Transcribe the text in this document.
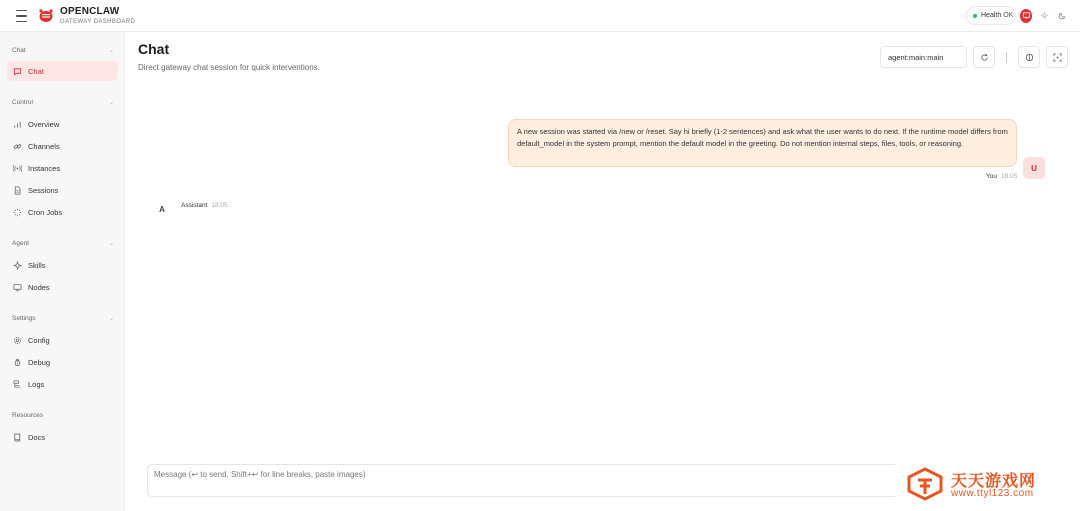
OPENCLAW
GATEWAY DASHBOARD
Health OK
Chat	⌄
Chat
Control	⌄
Overview
Channels
Instances
Sessions
Cron Jobs
Agent	⌄
Skills
Nodes
Settings	⌄
Config
Debug
Logs
Resources
Docs
Chat
Direct gateway chat session for quick interventions.
agent:main:main
A new session was started via /new or /reset. Say hi briefly (1-2 sentences) and ask what the user wants to do next. If the runtime model differs from default_model in the system prompt, mention the default model in the greeting. Do not mention internal steps, files, tools, or reasoning.
U
You 18:05
A	Assistant 18:05
Message (↩ to send, Shift+↩ for line breaks, paste images)
天天游戏网
www.ttyl123.com
